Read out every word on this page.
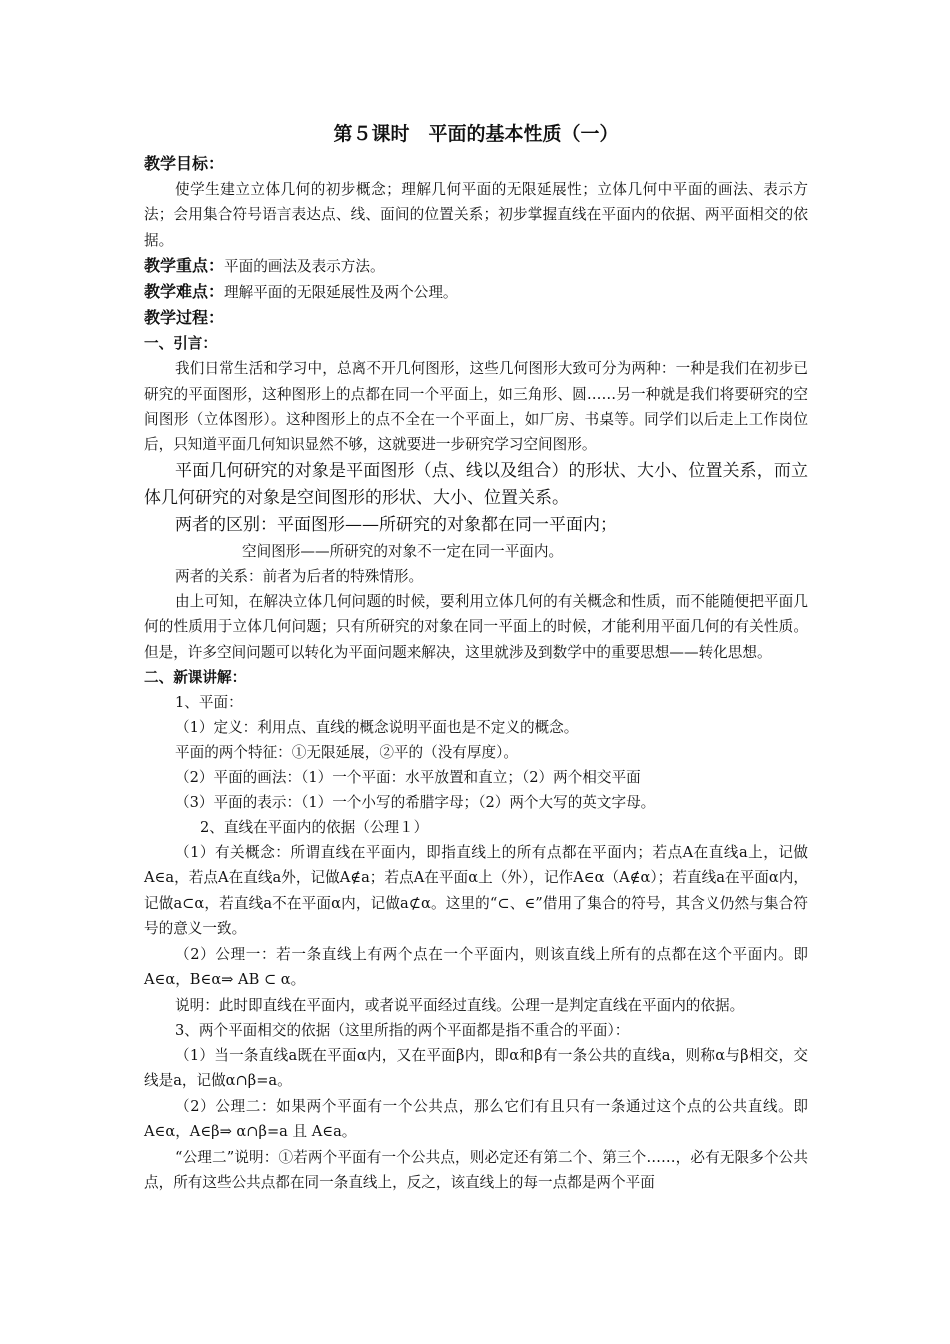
第５课时　平面的基本性质（一）

教学目标：

使学生建立立体几何的初步概念；理解几何平面的无限延展性；立体几何中平面的画法、表示方法；会用集合符号语言表达点、线、面间的位置关系；初步掌握直线在平面内的依据、两平面相交的依据。

教学重点：平面的画法及表示方法。

教学难点：理解平面的无限延展性及两个公理。

教学过程：

一、引言：

我们日常生活和学习中，总离不开几何图形，这些几何图形大致可分为两种：一种是我们在初步已研究的平面图形，这种图形上的点都在同一个平面上，如三角形、圆……另一种就是我们将要研究的空间图形（立体图形）。这种图形上的点不全在一个平面上，如厂房、书桌等。同学们以后走上工作岗位后，只知道平面几何知识显然不够，这就要进一步研究学习空间图形。

平面几何研究的对象是平面图形（点、线以及组合）的形状、大小、位置关系，而立体几何研究的对象是空间图形的形状、大小、位置关系。

两者的区别：平面图形——所研究的对象都在同一平面内；

空间图形——所研究的对象不一定在同一平面内。

两者的关系：前者为后者的特殊情形。

由上可知，在解决立体几何问题的时候，要利用立体几何的有关概念和性质，而不能随便把平面几何的性质用于立体几何问题；只有所研究的对象在同一平面上的时候，才能利用平面几何的有关性质。但是，许多空间问题可以转化为平面问题来解决，这里就涉及到数学中的重要思想——转化思想。

二、新课讲解：

1、平面：

（1）定义：利用点、直线的概念说明平面也是不定义的概念。

平面的两个特征：①无限延展，②平的（没有厚度）。

（2）平面的画法：（1）一个平面：水平放置和直立；（2）两个相交平面

（3）平面的表示：（1）一个小写的希腊字母；（2）两个大写的英文字母。

2、直线在平面内的依据（公理１）

（1）有关概念：所谓直线在平面内，即指直线上的所有点都在平面内；若点A在直线a上，记做A∈a，若点A在直线a外，记做A∉a；若点A在平面α上（外），记作A∈α（A∉α）；若直线a在平面α内，记做a⊂α，若直线a不在平面α内，记做a⊄α。这里的“⊂、∈”借用了集合的符号，其含义仍然与集合符号的意义一致。

（2）公理一：若一条直线上有两个点在一个平面内，则该直线上所有的点都在这个平面内。即 A∈α，B∈α⇒ AB ⊂ α。

说明：此时即直线在平面内，或者说平面经过直线。公理一是判定直线在平面内的依据。

3、两个平面相交的依据（这里所指的两个平面都是指不重合的平面）：

（1）当一条直线a既在平面α内，又在平面β内，即α和β有一条公共的直线a，则称α与β相交，交线是a，记做α∩β=a。

（2）公理二：如果两个平面有一个公共点，那么它们有且只有一条通过这个点的公共直线。即 A∈α，A∈β⇒ α∩β=a 且 A∈a。

“公理二”说明：①若两个平面有一个公共点，则必定还有第二个、第三个……，必有无限多个公共点，所有这些公共点都在同一条直线上，反之，该直线上的每一点都是两个平面
